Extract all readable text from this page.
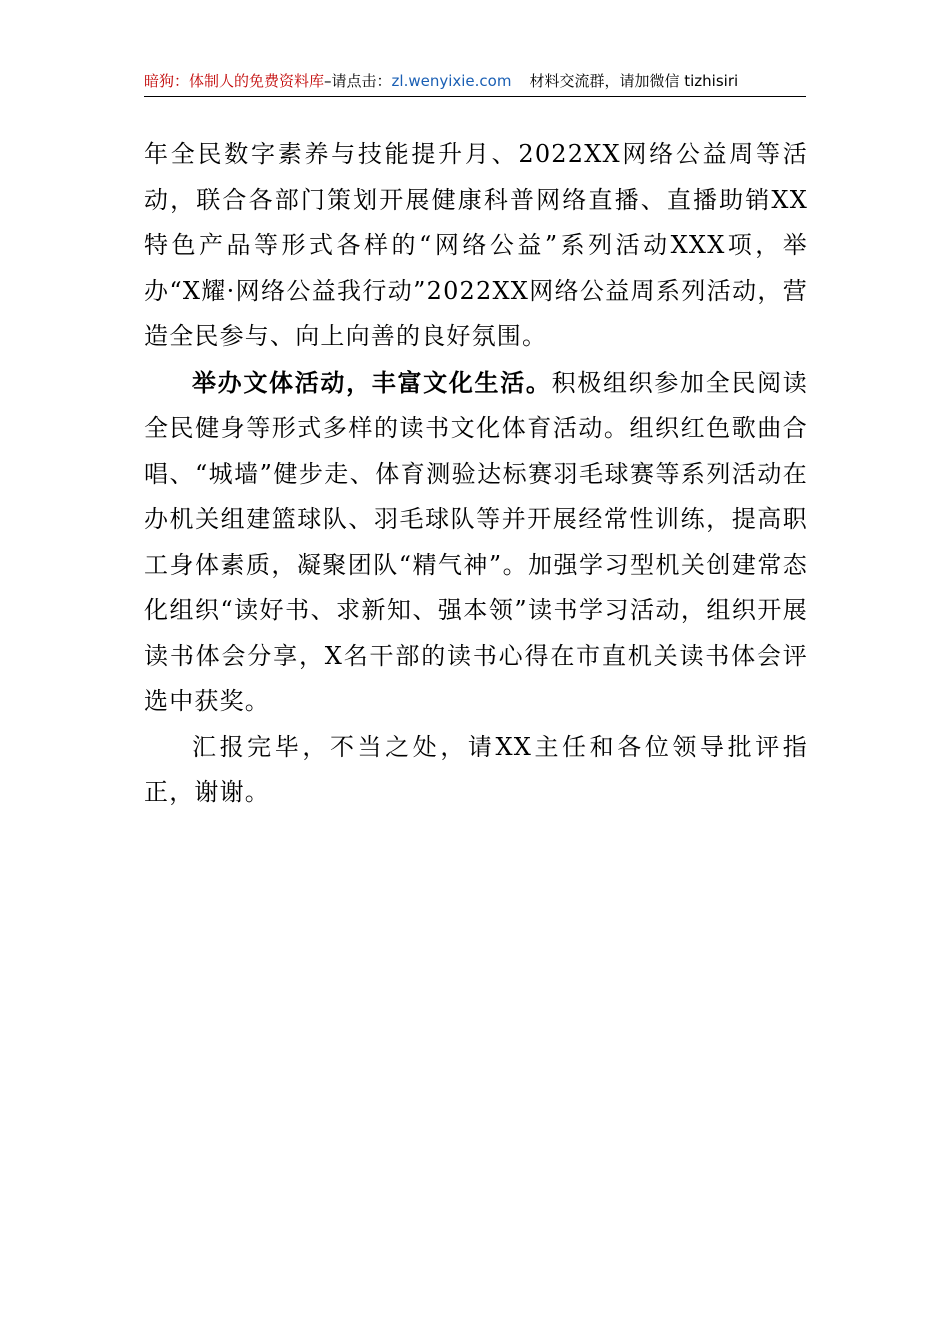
暗狗：体制人的免费资料库–请点击：zl.wenyixie.com 材料交流群，请加微信 tizhisiri

年全民数字素养与技能提升月、2022XX网络公益周等活动，联合各部门策划开展健康科普网络直播、直播助销XX特色产品等形式各样的“网络公益”系列活动XXX项，举办“X耀·网络公益我行动”2022XX网络公益周系列活动，营造全民参与、向上向善的良好氛围。

举办文体活动，丰富文化生活。积极组织参加全民阅读全民健身等形式多样的读书文化体育活动。组织红色歌曲合唱、“城墙”健步走、体育测验达标赛羽毛球赛等系列活动在办机关组建篮球队、羽毛球队等并开展经常性训练，提高职工身体素质，凝聚团队“精气神”。加强学习型机关创建常态化组织“读好书、求新知、强本领”读书学习活动，组织开展读书体会分享，X名干部的读书心得在市直机关读书体会评选中获奖。

汇报完毕，不当之处，请XX主任和各位领导批评指正，谢谢。
